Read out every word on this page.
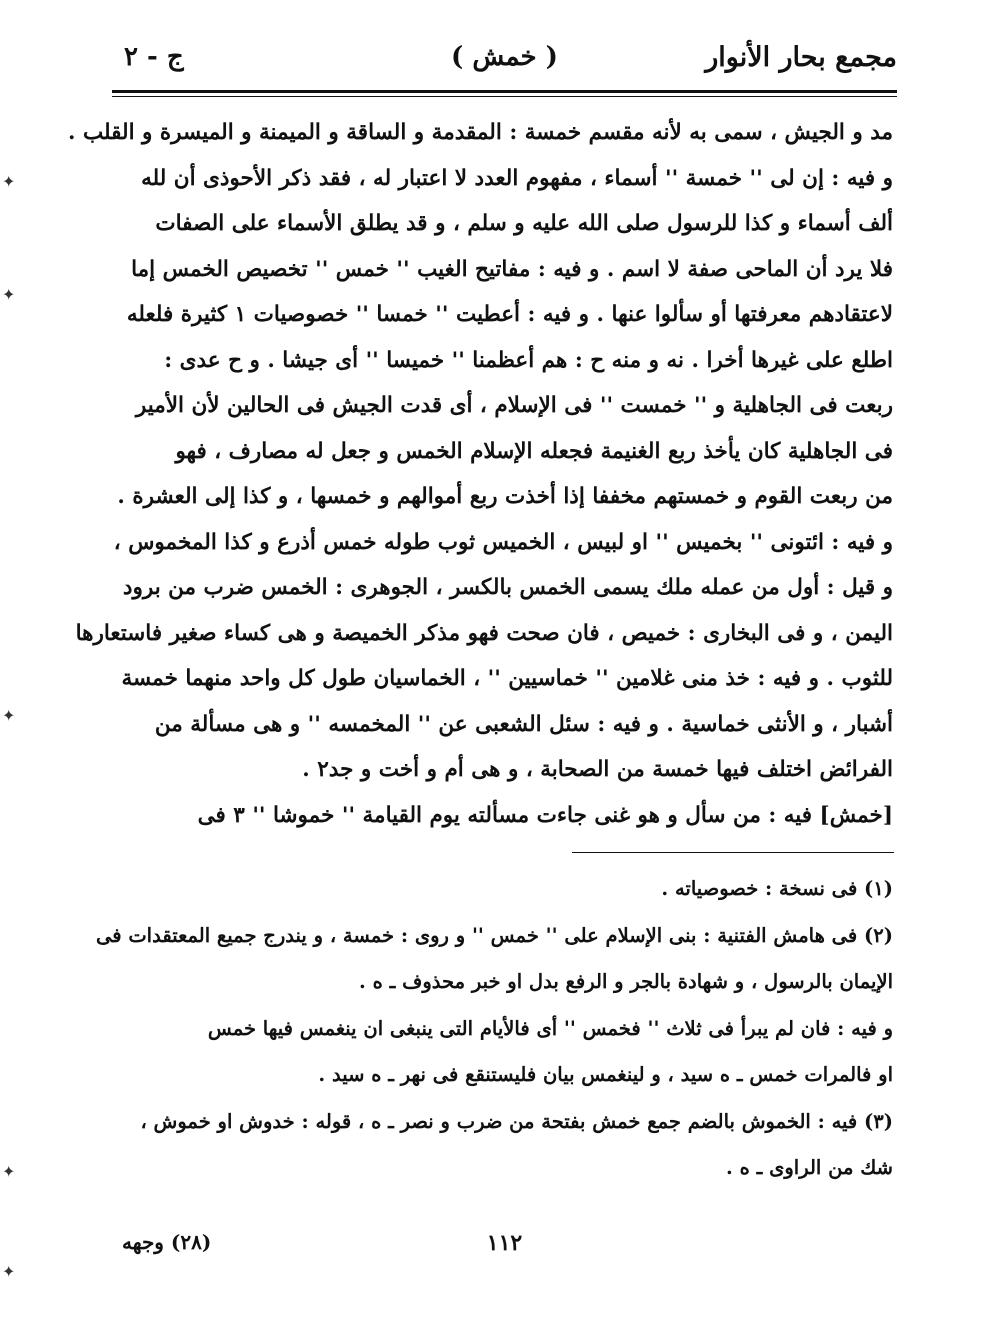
مجمع بحار الأنوار
( خمش )
ج - ۲
مد و الجيش ، سمى به لأنه مقسم خمسة : المقدمة و الساقة و الميمنة و الميسرة و القلب .
و فيه : إن لى '' خمسة '' أسماء ، مفهوم العدد لا اعتبار له ، فقد ذكر الأحوذى أن لله
ألف أسماء و كذا للرسول صلى الله عليه و سلم ، و قد يطلق الأسماء على الصفات
فلا يرد أن الماحى صفة لا اسم . و فيه : مفاتيح الغيب '' خمس '' تخصيص الخمس إما
لاعتقادهم معرفتها أو سألوا عنها . و فيه : أعطيت '' خمسا '' خصوصيات ۱ كثيرة فلعله
اطلع على غيرها أخرا . نه و منه ح : هم أعظمنا '' خميسا '' أى جيشا . و ح عدى :
ربعت فى الجاهلية و '' خمست '' فى الإسلام ، أى قدت الجيش فى الحالين لأن الأمير
فى الجاهلية كان يأخذ ربع الغنيمة فجعله الإسلام الخمس و جعل له مصارف ، فهو
من ربعت القوم و خمستهم مخففا إذا أخذت ربع أموالهم و خمسها ، و كذا إلى العشرة .
و فيه : ائتونى '' بخميس '' او لبيس ، الخميس ثوب طوله خمس أذرع و كذا المخموس ،
و قيل : أول من عمله ملك يسمى الخمس بالكسر ، الجوهرى : الخمس ضرب من برود
اليمن ، و فى البخارى : خميص ، فان صحت فهو مذكر الخميصة و هى كساء صغير فاستعارها
للثوب . و فيه : خذ منى غلامين '' خماسيين '' ، الخماسيان طول كل واحد منهما خمسة
أشبار ، و الأنثى خماسية . و فيه : سئل الشعبى عن '' المخمسه '' و هى مسألة من
الفرائض اختلف فيها خمسة من الصحابة ، و هى أم و أخت و جد۲ .
[خمش] فيه : من سأل و هو غنى جاءت مسألته يوم القيامة '' خموشا '' ۳ فى
(۱) فى نسخة : خصوصياته .
(۲) فى هامش الفتنية : بنى الإسلام على '' خمس '' و روى : خمسة ، و يندرج جميع المعتقدات فى
الإيمان بالرسول ، و شهادة بالجر و الرفع بدل او خبر محذوف ـ ه .
و فيه : فان لم يبرأ فى ثلاث '' فخمس '' أى فالأيام التى ينبغى ان ينغمس فيها خمس
او فالمرات خمس ـ ه سيد ، و لينغمس بيان فليستنقع فى نهر ـ ه سيد .
(۳) فيه : الخموش بالضم جمع خمش بفتحة من ضرب و نصر ـ ه ، قوله : خدوش او خموش ،
شك من الراوى ـ ه .
۱۱۲
(۲۸) وجهه
✦
✦
✦
✦
✦
